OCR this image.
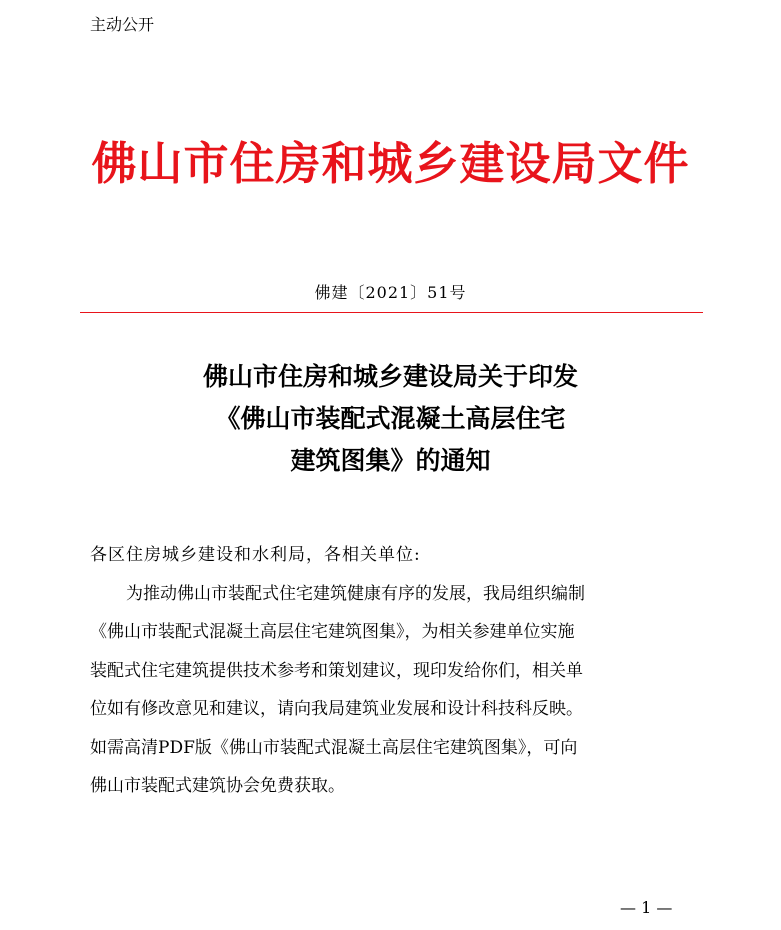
主动公开
佛山市住房和城乡建设局文件
佛建〔2021〕51号
佛山市住房和城乡建设局关于印发
《佛山市装配式混凝土高层住宅
建筑图集》的通知
各区住房城乡建设和水利局，各相关单位:
为推动佛山市装配式住宅建筑健康有序的发展，我局组织编制
《佛山市装配式混凝土高层住宅建筑图集》，为相关参建单位实施
装配式住宅建筑提供技术参考和策划建议，现印发给你们，相关单
位如有修改意见和建议，请向我局建筑业发展和设计科技科反映。
如需高清PDF版《佛山市装配式混凝土高层住宅建筑图集》，可向
佛山市装配式建筑协会免费获取。
— 1 —
